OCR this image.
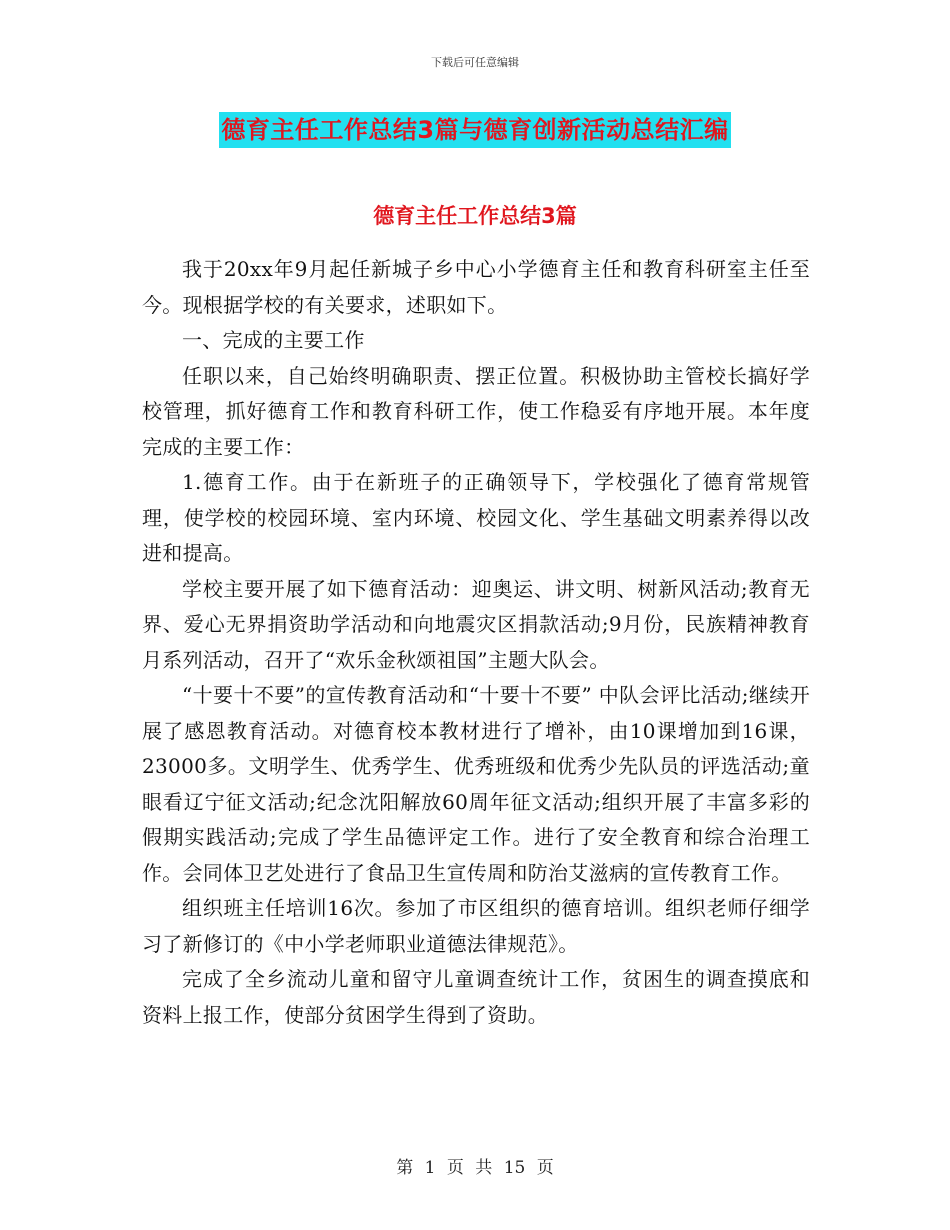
下载后可任意编辑
德育主任工作总结3篇与德育创新活动总结汇编
德育主任工作总结3篇

我于20xx年9月起任新城子乡中心小学德育主任和教育科研室主任至今。现根据学校的有关要求，述职如下。

一、完成的主要工作

任职以来，自己始终明确职责、摆正位置。积极协助主管校长搞好学校管理，抓好德育工作和教育科研工作，使工作稳妥有序地开展。本年度完成的主要工作：

1.德育工作。由于在新班子的正确领导下，学校强化了德育常规管理，使学校的校园环境、室内环境、校园文化、学生基础文明素养得以改进和提高。

学校主要开展了如下德育活动：迎奥运、讲文明、树新风活动;教育无界、爱心无界捐资助学活动和向地震灾区捐款活动;9月份，民族精神教育月系列活动，召开了“欢乐金秋颂祖国”主题大队会。

“十要十不要”的宣传教育活动和“十要十不要” 中队会评比活动;继续开展了感恩教育活动。对德育校本教材进行了增补，由10课增加到16课，23000多。文明学生、优秀学生、优秀班级和优秀少先队员的评选活动;童眼看辽宁征文活动;纪念沈阳解放60周年征文活动;组织开展了丰富多彩的假期实践活动;完成了学生品德评定工作。进行了安全教育和综合治理工作。会同体卫艺处进行了食品卫生宣传周和防治艾滋病的宣传教育工作。

组织班主任培训16次。参加了市区组织的德育培训。组织老师仔细学习了新修订的《中小学老师职业道德法律规范》。

完成了全乡流动儿童和留守儿童调查统计工作，贫困生的调查摸底和资料上报工作，使部分贫困学生得到了资助。

第 1 页 共 15 页
